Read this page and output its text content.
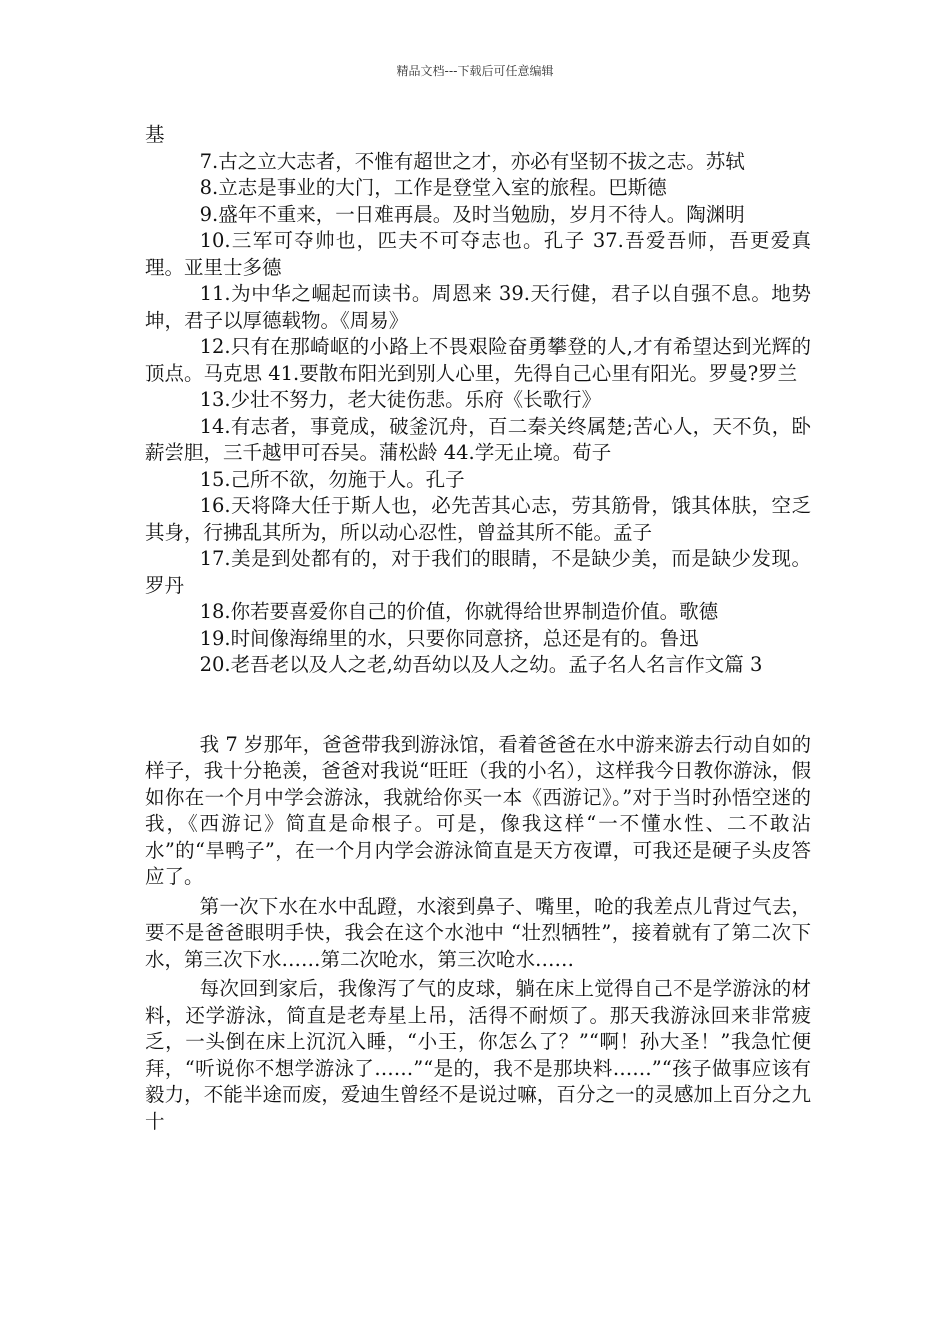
精品文档---下载后可任意编辑

基

7.古之立大志者，不惟有超世之才，亦必有坚韧不拔之志。苏轼

8.立志是事业的大门，工作是登堂入室的旅程。巴斯德

9.盛年不重来，一日难再晨。及时当勉励，岁月不待人。陶渊明

10.三军可夺帅也，匹夫不可夺志也。孔子 37.吾爱吾师，吾更爱真理。亚里士多德

11.为中华之崛起而读书。周恩来 39.天行健，君子以自强不息。地势坤，君子以厚德载物。《周易》

12.只有在那崎岖的小路上不畏艰险奋勇攀登的人,才有希望达到光辉的顶点。马克思 41.要散布阳光到别人心里，先得自己心里有阳光。罗曼?罗兰

13.少壮不努力，老大徒伤悲。乐府《长歌行》

14.有志者，事竟成，破釜沉舟，百二秦关终属楚;苦心人，天不负，卧薪尝胆，三千越甲可吞吴。蒲松龄 44.学无止境。荀子

15.己所不欲，勿施于人。孔子

16.天将降大任于斯人也，必先苦其心志，劳其筋骨，饿其体肤，空乏其身，行拂乱其所为，所以动心忍性，曾益其所不能。孟子

17.美是到处都有的，对于我们的眼睛，不是缺少美，而是缺少发现。罗丹

18.你若要喜爱你自己的价值，你就得给世界制造价值。歌德

19.时间像海绵里的水，只要你同意挤，总还是有的。鲁迅

20.老吾老以及人之老,幼吾幼以及人之幼。孟子名人名言作文篇 3

我 7 岁那年，爸爸带我到游泳馆，看着爸爸在水中游来游去行动自如的样子，我十分艳羡，爸爸对我说“旺旺（我的小名），这样我今日教你游泳，假如你在一个月中学会游泳，我就给你买一本《西游记》。”对于当时孙悟空迷的我，《西游记》简直是命根子。可是，像我这样“一不懂水性、二不敢沾水”的“旱鸭子”，在一个月内学会游泳简直是天方夜谭，可我还是硬子头皮答应了。

第一次下水在水中乱蹬，水滚到鼻子、嘴里，呛的我差点儿背过气去，要不是爸爸眼明手快，我会在这个水池中 “壮烈牺牲”，接着就有了第二次下水，第三次下水……第二次呛水，第三次呛水……

每次回到家后，我像泻了气的皮球，躺在床上觉得自己不是学游泳的材料，还学游泳，简直是老寿星上吊，活得不耐烦了。那天我游泳回来非常疲乏，一头倒在床上沉沉入睡，“小王，你怎么了？”“啊！孙大圣！”我急忙便拜，“听说你不想学游泳了……”“是的，我不是那块料……”“孩子做事应该有毅力，不能半途而废，爱迪生曾经不是说过嘛，百分之一的灵感加上百分之九十
